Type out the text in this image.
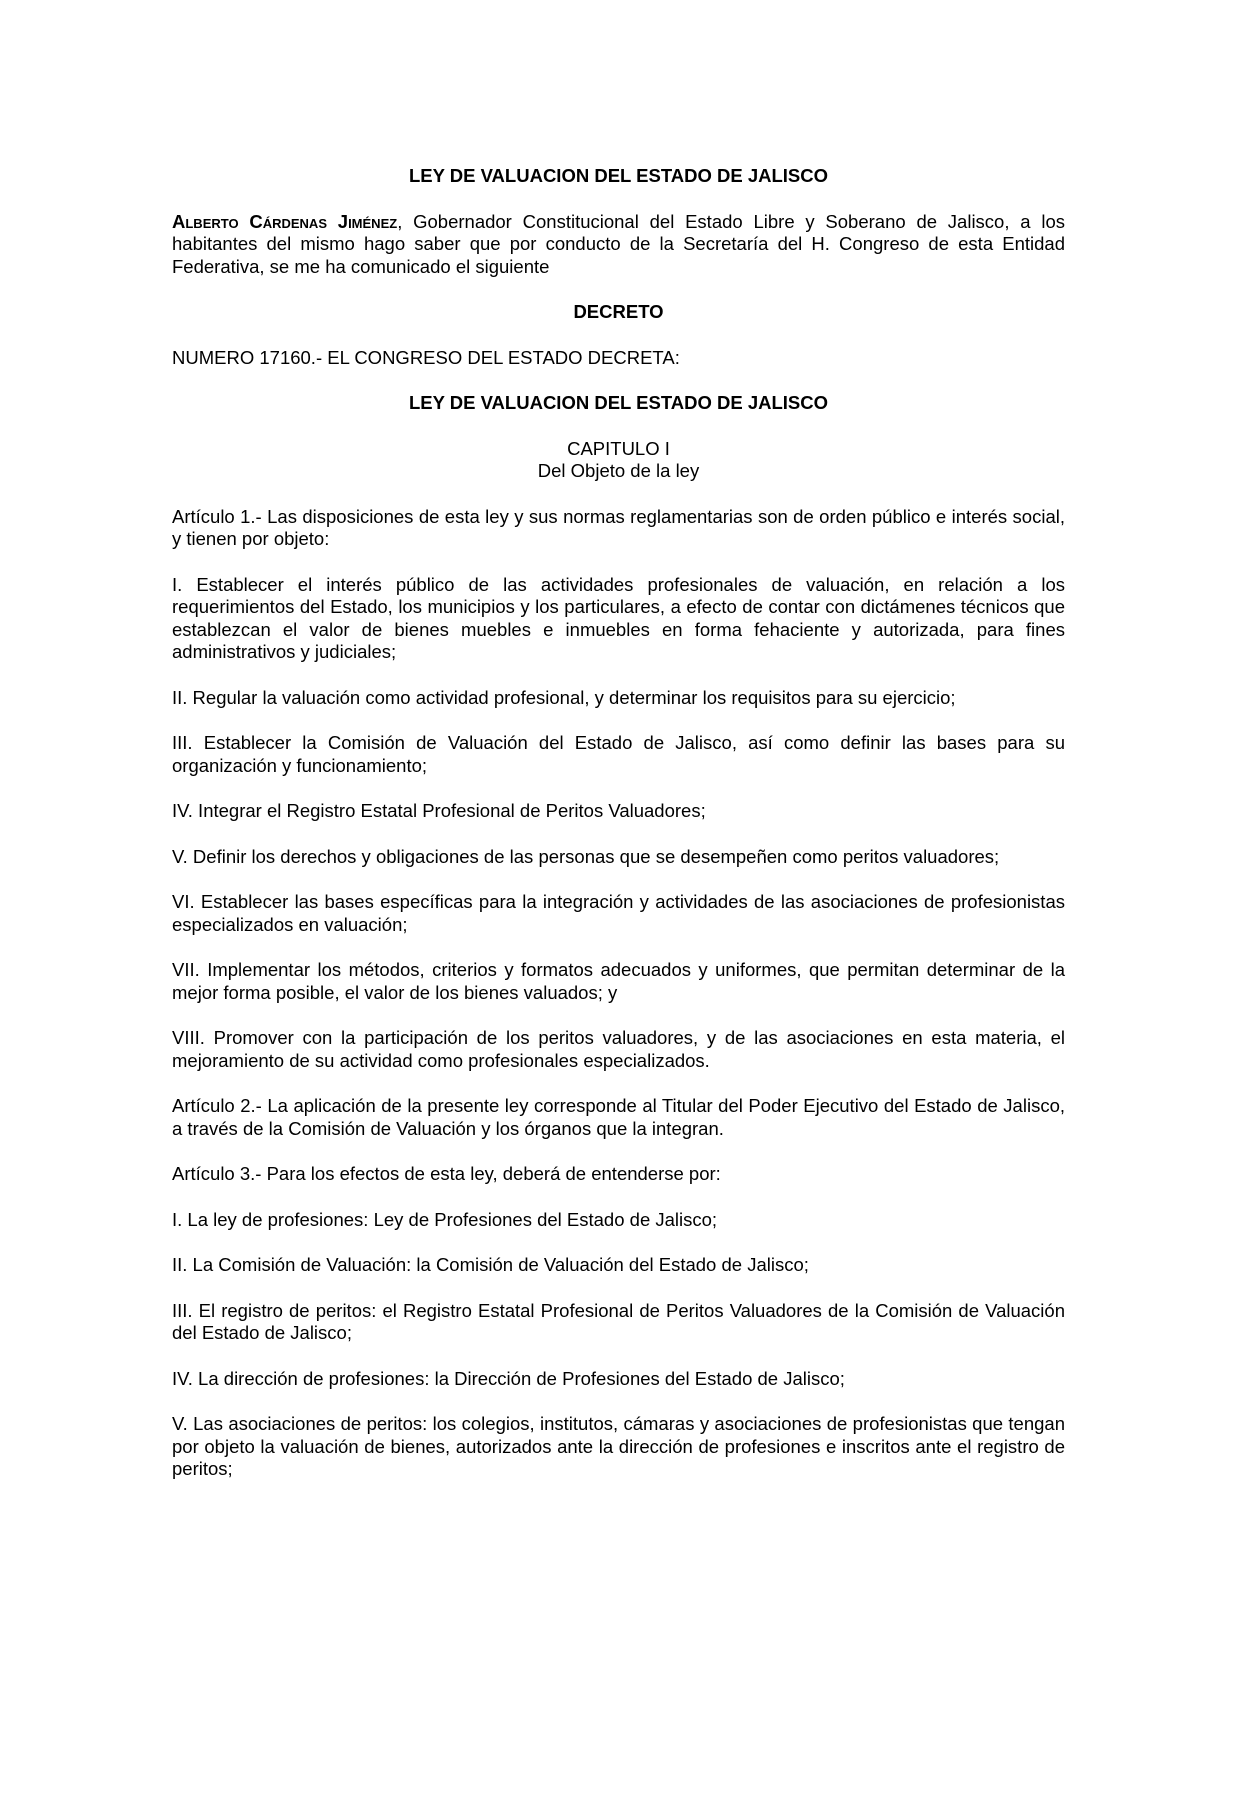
LEY DE VALUACION DEL ESTADO DE JALISCO

Alberto Cárdenas Jiménez, Gobernador Constitucional del Estado Libre y Soberano de Jalisco, a los habitantes del mismo hago saber que por conducto de la Secretaría del H. Congreso de esta Entidad Federativa, se me ha comunicado el siguiente

DECRETO

NUMERO 17160.- EL CONGRESO DEL ESTADO DECRETA:

LEY DE VALUACION DEL ESTADO DE JALISCO
CAPITULO I
Del Objeto de la ley

Artículo 1.- Las disposiciones de esta ley y sus normas reglamentarias son de orden público e interés social, y tienen por objeto:

I. Establecer el interés público de las actividades profesionales de valuación, en relación a los requerimientos del Estado, los municipios y los particulares, a efecto de contar con dictámenes técnicos que establezcan el valor de bienes muebles e inmuebles en forma fehaciente y autorizada, para fines administrativos y judiciales;

II. Regular la valuación como actividad profesional, y determinar los requisitos para su ejercicio;

III. Establecer la Comisión de Valuación del Estado de Jalisco, así como definir las bases para su organización y funcionamiento;

IV. Integrar el Registro Estatal Profesional de Peritos Valuadores;

V. Definir los derechos y obligaciones de las personas que se desempeñen como peritos valuadores;

VI. Establecer las bases específicas para la integración y actividades de las asociaciones de profesionistas especializados en valuación;

VII. Implementar los métodos, criterios y formatos adecuados y uniformes, que permitan determinar de la mejor forma posible, el valor de los bienes valuados; y

VIII. Promover con la participación de los peritos valuadores, y de las asociaciones en esta materia, el mejoramiento de su actividad como profesionales especializados.

Artículo 2.- La aplicación de la presente ley corresponde al Titular del Poder Ejecutivo del Estado de Jalisco, a través de la Comisión de Valuación y los órganos que la integran.

Artículo 3.- Para los efectos de esta ley, deberá de entenderse por:

I. La ley de profesiones: Ley de Profesiones del Estado de Jalisco;

II. La Comisión de Valuación: la Comisión de Valuación del Estado de Jalisco;

III. El registro de peritos: el Registro Estatal Profesional de Peritos Valuadores de la Comisión de Valuación del Estado de Jalisco;

IV. La dirección de profesiones: la Dirección de Profesiones del Estado de Jalisco;

V. Las asociaciones de peritos: los colegios, institutos, cámaras y asociaciones de profesionistas que tengan por objeto la valuación de bienes, autorizados ante la dirección de profesiones e inscritos ante el registro de peritos;
